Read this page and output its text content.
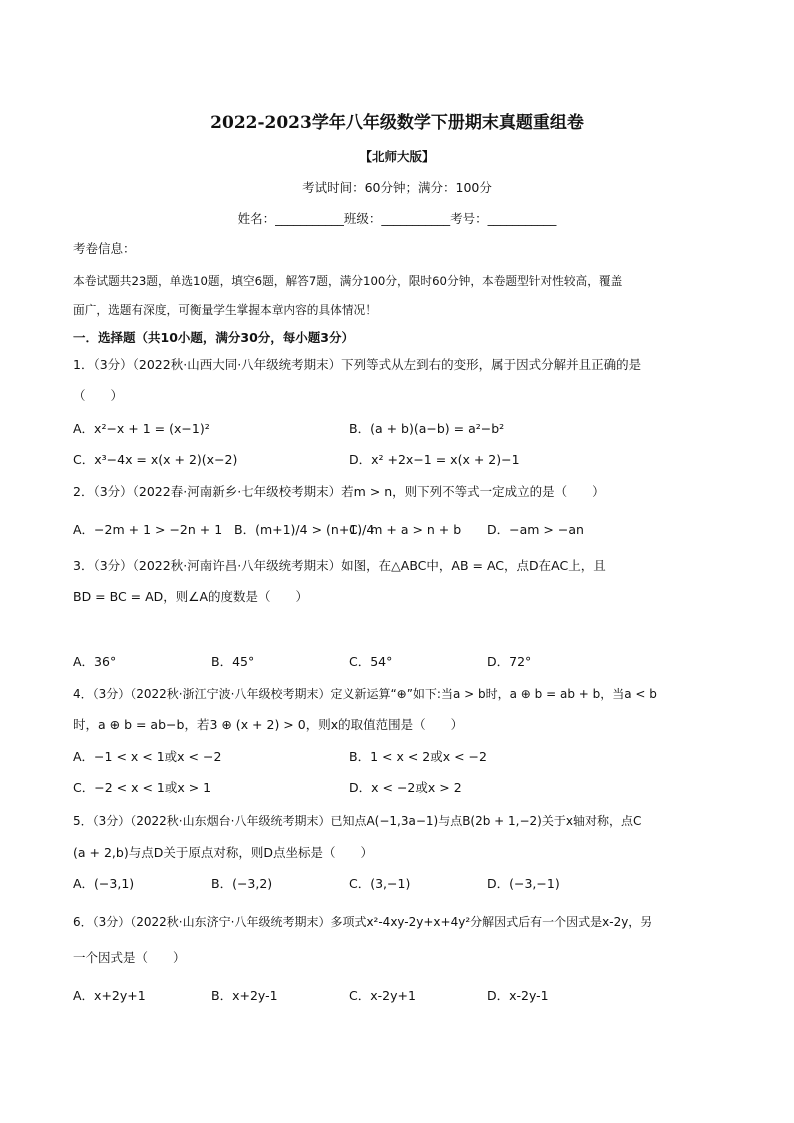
2022-2023学年八年级数学下册期末真题重组卷
【北师大版】
考试时间：60分钟；满分：100分
姓名：___________班级：___________考号：___________
考卷信息：
本卷试题共23题，单选10题，填空6题，解答7题，满分100分，限时60分钟，本卷题型针对性较高，覆盖
面广，选题有深度，可衡量学生掌握本章内容的具体情况！
一．选择题（共10小题，满分30分，每小题3分）
1．（3分）（2022秋·山西大同·八年级统考期末）下列等式从左到右的变形，属于因式分解并且正确的是
（　　）
A．x²−x + 1 = (x−1)²	B．(a + b)(a−b) = a²−b²
C．x³−4x = x(x + 2)(x−2)	D．x² +2x−1 = x(x + 2)−1
2．（3分）（2022春·河南新乡·七年级校考期末）若m > n，则下列不等式一定成立的是（　　）
A．−2m + 1 > −2n + 1 B．(m+1)/4 > (n+1)/4
C．m + a > n + b D．−am > −an
3．（3分）（2022秋·河南许昌·八年级统考期末）如图，在△ABC中，AB = AC，点D在AC上，且
BD = BC = AD，则∠A的度数是（　　）
A．36°	B．45°	C．54°	D．72°
4．（3分）（2022秋·浙江宁波·八年级校考期末）定义新运算“⊕”如下:当a > b时，a ⊕ b = ab + b，当a < b
时，a ⊕ b = ab−b，若3 ⊕ (x + 2) > 0，则x的取值范围是（　　）
A．−1 < x < 1或x < −2	B．1 < x < 2或x < −2
C．−2 < x < 1或x > 1	D．x < −2或x > 2
5．（3分）（2022秋·山东烟台·八年级统考期末）已知点A(−1,3a−1)与点B(2b + 1,−2)关于x轴对称，点C
(a + 2,b)与点D关于原点对称，则D点坐标是（　　）
A．(−3,1)	B．(−3,2)	C．(3,−1)	D．(−3,−1)
6．（3分）（2022秋·山东济宁·八年级统考期末）多项式x²-4xy-2y+x+4y²分解因式后有一个因式是x-2y，另
一个因式是（　　）
A．x+2y+1	B．x+2y-1	C．x-2y+1	D．x-2y-1
